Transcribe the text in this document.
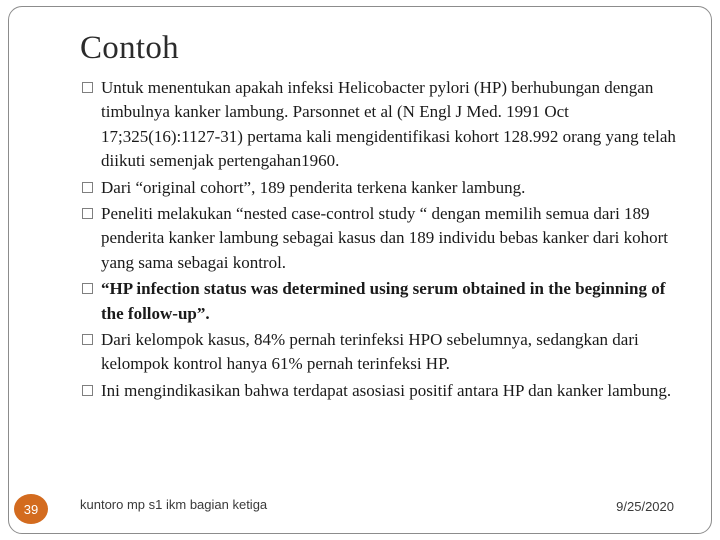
Contoh
Untuk menentukan apakah infeksi Helicobacter pylori (HP) berhubungan dengan timbulnya kanker lambung. Parsonnet et al (N Engl J Med. 1991 Oct 17;325(16):1127-31) pertama kali mengidentifikasi kohort 128.992 orang yang telah diikuti semenjak pertengahan1960.
Dari “original cohort”, 189 penderita terkena kanker lambung.
Peneliti melakukan “nested case-control study “ dengan memilih semua dari 189 penderita kanker lambung sebagai kasus dan 189 individu bebas kanker dari kohort yang sama sebagai kontrol.
“HP infection status was determined using serum obtained in the beginning of the follow-up”.
Dari kelompok kasus, 84% pernah terinfeksi HPO sebelumnya, sedangkan dari kelompok kontrol hanya 61% pernah terinfeksi HP.
Ini mengindikasikan bahwa terdapat asosiasi positif antara HP dan kanker lambung.
39	kuntoro mp s1 ikm bagian ketiga	9/25/2020
